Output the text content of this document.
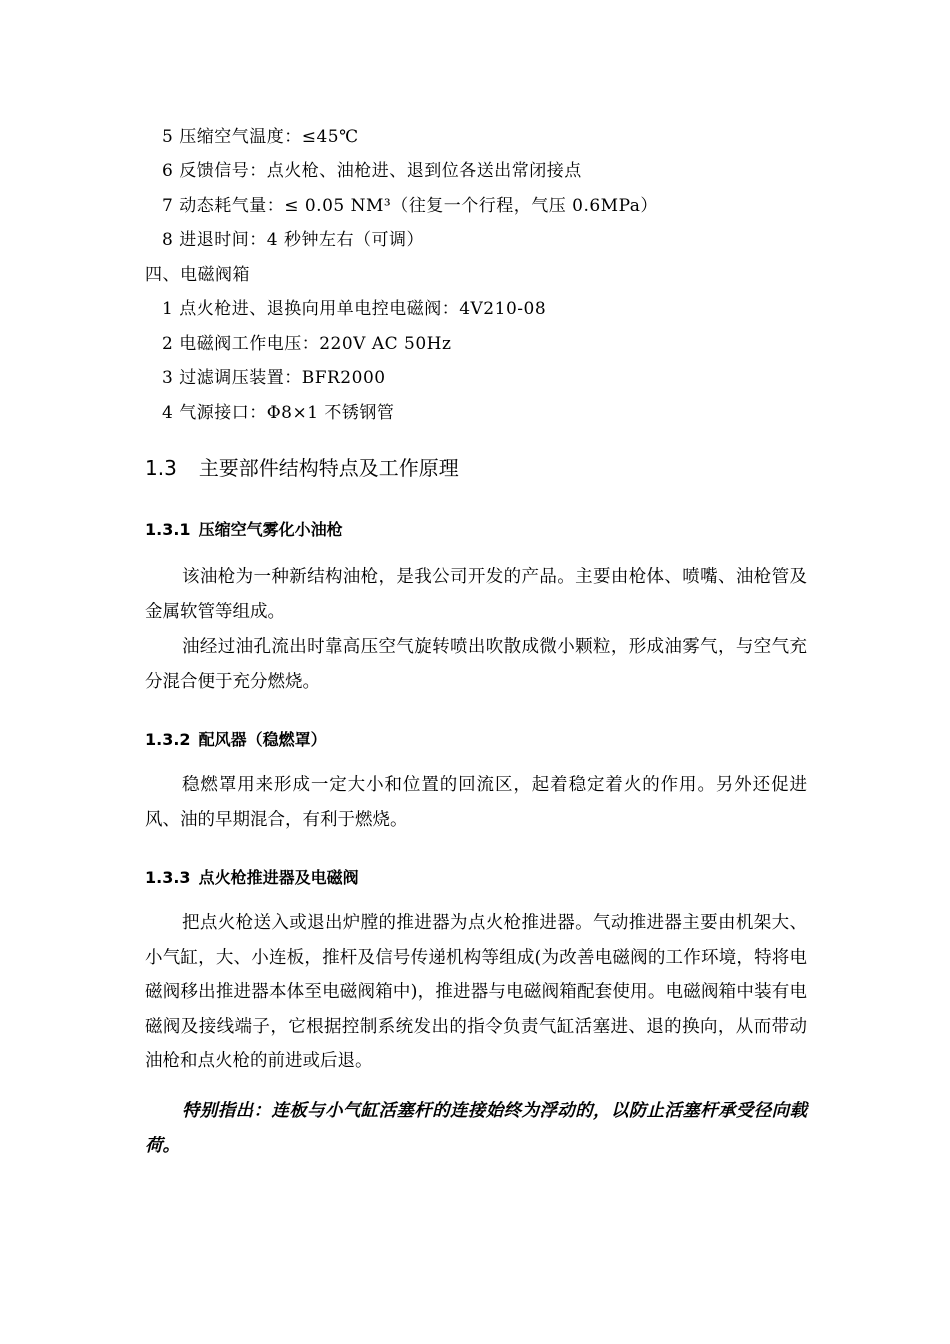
5 压缩空气温度：≤45℃
6 反馈信号：点火枪、油枪进、退到位各送出常闭接点
7 动态耗气量：≤ 0.05 NM³（往复一个行程，气压 0.6MPa）
8 进退时间：4 秒钟左右（可调）
四、电磁阀箱
1 点火枪进、退换向用单电控电磁阀：4V210-08
2 电磁阀工作电压：220V AC 50Hz
3 过滤调压装置：BFR2000
4 气源接口：Φ8×1 不锈钢管
1.3 主要部件结构特点及工作原理
1.3.1 压缩空气雾化小油枪

该油枪为一种新结构油枪，是我公司开发的产品。主要由枪体、喷嘴、油枪管及金属软管等组成。

油经过油孔流出时靠高压空气旋转喷出吹散成微小颗粒，形成油雾气，与空气充分混合便于充分燃烧。

1.3.2 配风器（稳燃罩）

稳燃罩用来形成一定大小和位置的回流区，起着稳定着火的作用。另外还促进风、油的早期混合，有利于燃烧。

1.3.3 点火枪推进器及电磁阀

把点火枪送入或退出炉膛的推进器为点火枪推进器。气动推进器主要由机架大、小气缸，大、小连板，推杆及信号传递机构等组成(为改善电磁阀的工作环境，特将电磁阀移出推进器本体至电磁阀箱中)，推进器与电磁阀箱配套使用。电磁阀箱中装有电磁阀及接线端子，它根据控制系统发出的指令负责气缸活塞进、退的换向，从而带动油枪和点火枪的前进或后退。

特别指出：连板与小气缸活塞杆的连接始终为浮动的，以防止活塞杆承受径向载荷。
